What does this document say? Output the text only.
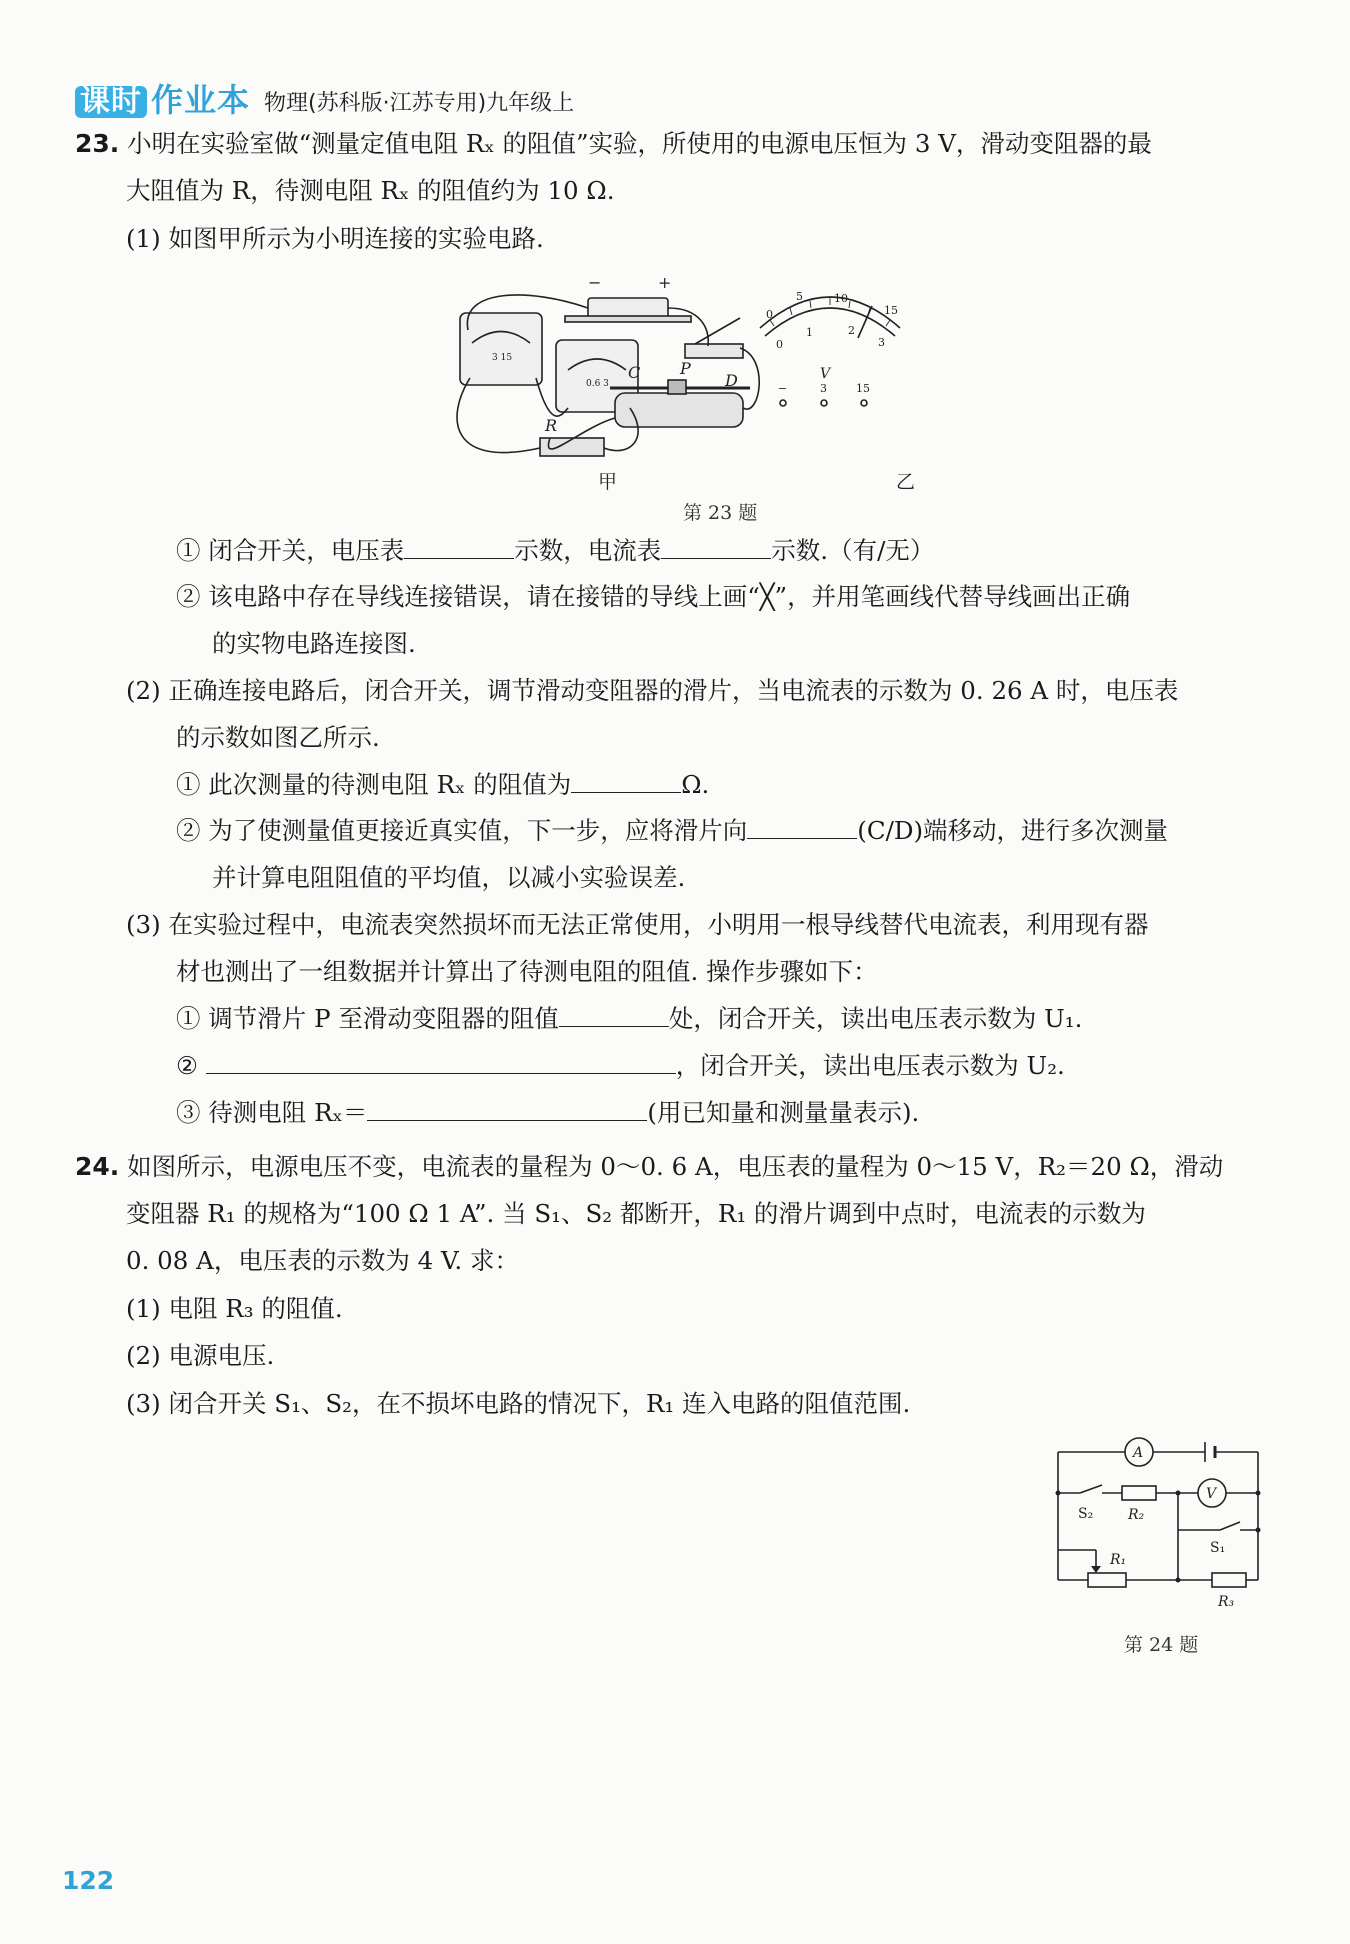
课时 作业本 物理(苏科版·江苏专用)九年级上
23. 小明在实验室做“测量定值电阻 Rₓ 的阻值”实验，所使用的电源电压恒为 3 V，滑动变阻器的最
大阻值为 R，待测电阻 Rₓ 的阻值约为 10 Ω.
(1) 如图甲所示为小明连接的实验电路.
−	+
C P
D
R
3 15
0.6 3
0
5	10
15
0
1	2
3
V
−	3	15
甲	乙
第 23 题
① 闭合开关，电压表	示数，电流表	示数.（有/无）
② 该电路中存在导线连接错误，请在接错的导线上画“╳”，并用笔画线代替导线画出正确
的实物电路连接图.
(2) 正确连接电路后，闭合开关，调节滑动变阻器的滑片，当电流表的示数为 0. 26 A 时，电压表
的示数如图乙所示.
① 此次测量的待测电阻 Rₓ 的阻值为	Ω.
② 为了使测量值更接近真实值，下一步，应将滑片向	(C/D)端移动，进行多次测量
并计算电阻阻值的平均值，以减小实验误差.
(3) 在实验过程中，电流表突然损坏而无法正常使用，小明用一根导线替代电流表，利用现有器
材也测出了一组数据并计算出了待测电阻的阻值. 操作步骤如下：
① 调节滑片 P 至滑动变阻器的阻值	处，闭合开关，读出电压表示数为 U₁.
②	，闭合开关，读出电压表示数为 U₂.
③ 待测电阻 Rₓ＝	(用已知量和测量量表示).
24. 如图所示，电源电压不变，电流表的量程为 0～0. 6 A，电压表的量程为 0～15 V，R₂＝20 Ω，滑动
变阻器 R₁ 的规格为“100 Ω 1 A”. 当 S₁、S₂ 都断开，R₁ 的滑片调到中点时，电流表的示数为
0. 08 A，电压表的示数为 4 V. 求：
(1) 电阻 R₃ 的阻值.
(2) 电源电压.
(3) 闭合开关 S₁、S₂，在不损坏电路的情况下，R₁ 连入电路的阻值范围.
A
V
S₂ R₂
S₁
R₁
R₃
第 24 题
122
